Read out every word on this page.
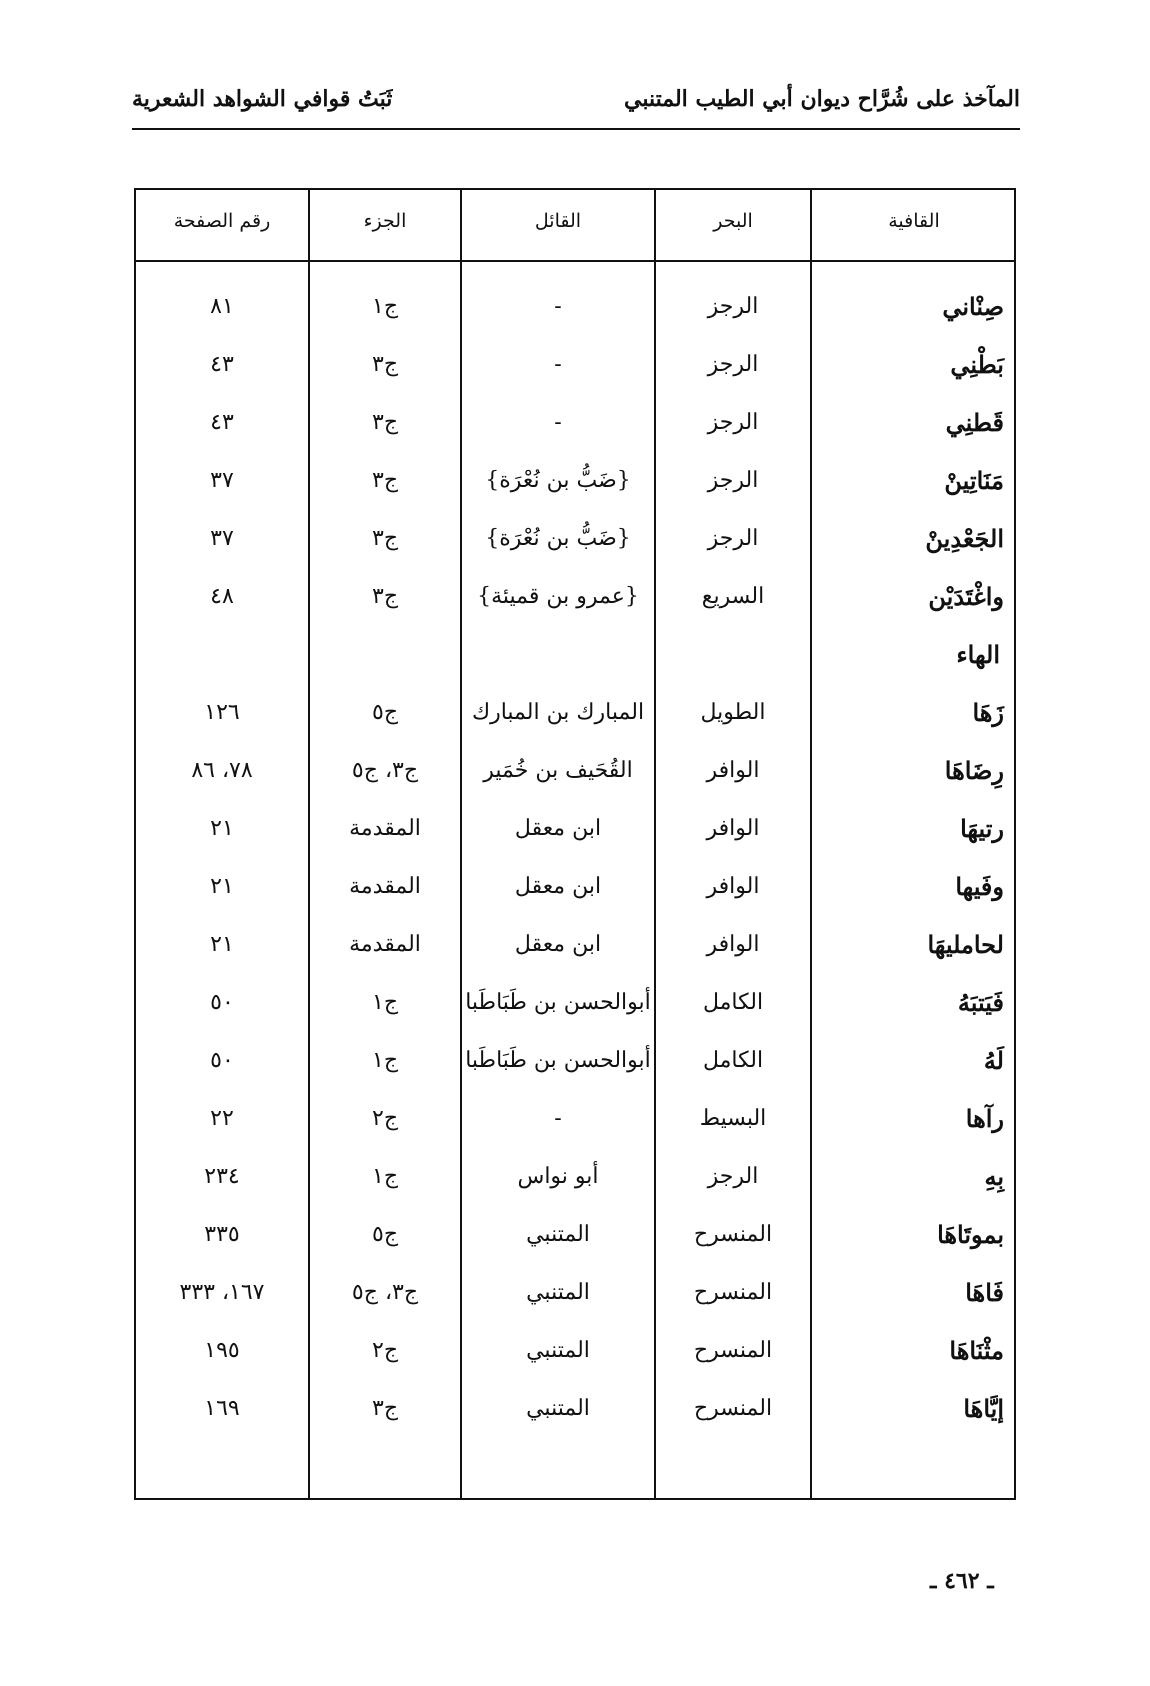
المآخذ على شُرَّاح ديوان أبي الطيب المتنبي
ثَبَتُ قوافي الشواهد الشعرية
القافية
البحر
القائل
الجزء
رقم الصفحة
صِنْاني
الرجز
-
ج١
٨١
بَطْنِي
الرجز
-
ج٣
٤٣
قَطنِي
الرجز
-
ج٣
٤٣
مَنَاتِينْ
الرجز
{ضَبُّ بن نُعْرَة}
ج٣
٣٧
الجَعْدِينْ
الرجز
{ضَبُّ بن نُعْرَة}
ج٣
٣٧
واغْتَدَيْن
السريع
{عمرو بن قميئة}
ج٣
٤٨
الهاء
زَهَا
الطويل
المبارك بن المبارك
ج٥
١٢٦
رِضَاهَا
الوافر
القُحَيف بن خُمَير
ج٣، ج٥
٧٨، ٨٦
رتيهَا
الوافر
ابن معقل
المقدمة
٢١
وفَيها
الوافر
ابن معقل
المقدمة
٢١
لحامليهَا
الوافر
ابن معقل
المقدمة
٢١
فَيَتبَهُ
الكامل
أبوالحسن بن طَبَاطَبا
ج١
٥٠
لَهُ
الكامل
أبوالحسن بن طَبَاطَبا
ج١
٥٠
رآها
البسيط
-
ج٢
٢٢
بِهِ
الرجز
أبو نواس
ج١
٢٣٤
بموتَاهَا
المنسرح
المتنبي
ج٥
٣٣٥
فَاهَا
المنسرح
المتنبي
ج٣، ج٥
١٦٧، ٣٣٣
مثْنَاهَا
المنسرح
المتنبي
ج٢
١٩٥
إيَّاهَا
المنسرح
المتنبي
ج٣
١٦٩
ـ ٤٦٢ ـ
